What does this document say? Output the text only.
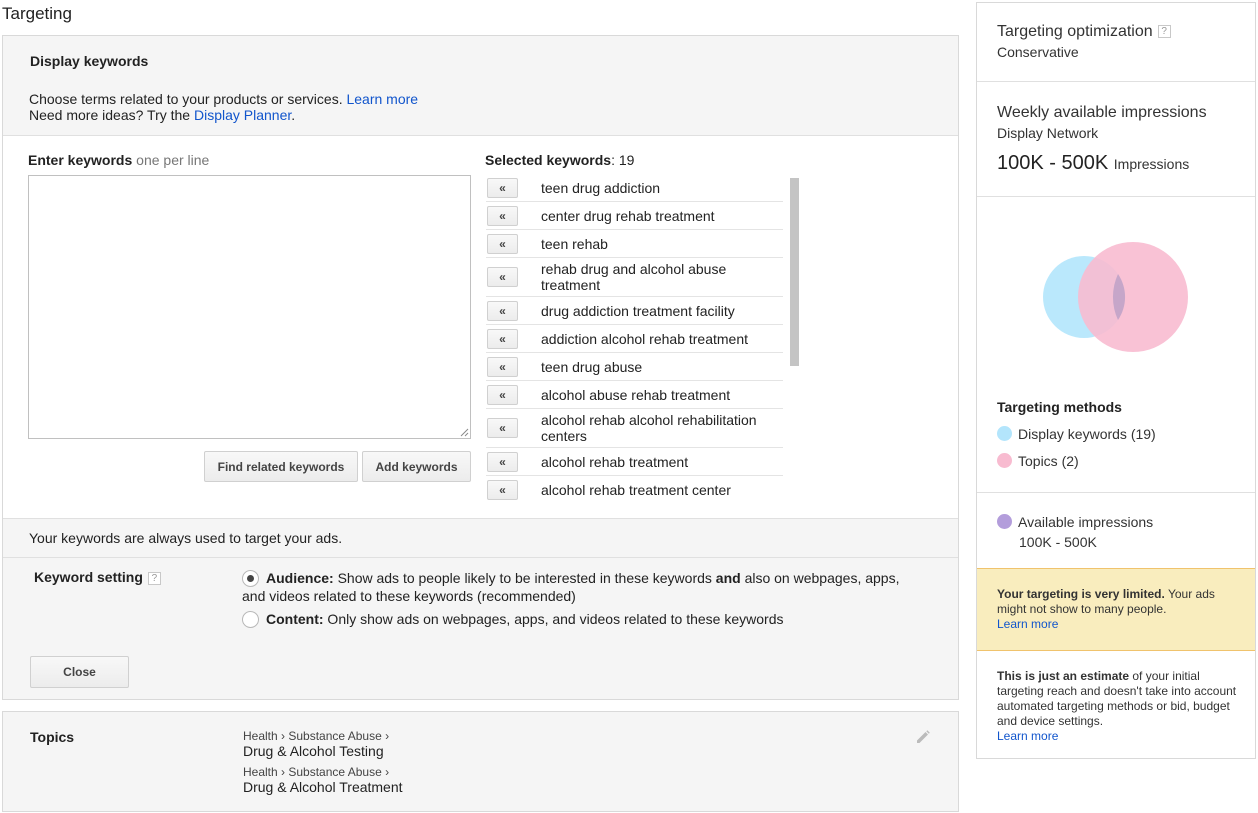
Targeting
Display keywords
Choose terms related to your products or services. Learn more
Need more ideas? Try the Display Planner.
Enter keywords one per line
Find related keywords	Add keywords
Selected keywords: 19
«	teen drug addiction
«	center drug rehab treatment
«	teen rehab
«	rehab drug and alcohol abuse treatment
«	drug addiction treatment facility
«	addiction alcohol rehab treatment
«	teen drug abuse
«	alcohol abuse rehab treatment
«	alcohol rehab alcohol rehabilitation centers
«	alcohol rehab treatment
«	alcohol rehab treatment center
Your keywords are always used to target your ads.
Keyword setting ?	Audience: Show ads to people likely to be interested in these keywords and also on webpages, apps, and videos related to these keywords (recommended)
Content: Only show ads on webpages, apps, and videos related to these keywords
Close
Topics	Health › Substance Abuse ›
Drug & Alcohol Testing
Health › Substance Abuse ›
Drug & Alcohol Treatment
Targeting optimization ?
Conservative
Weekly available impressions
Display Network
100K - 500K Impressions
Targeting methods
Display keywords (19)
Topics (2)
Available impressions
100K - 500K
Your targeting is very limited. Your ads might not show to many people.
Learn more
This is just an estimate of your initial targeting reach and doesn't take into account automated targeting methods or bid, budget and device settings.
Learn more
